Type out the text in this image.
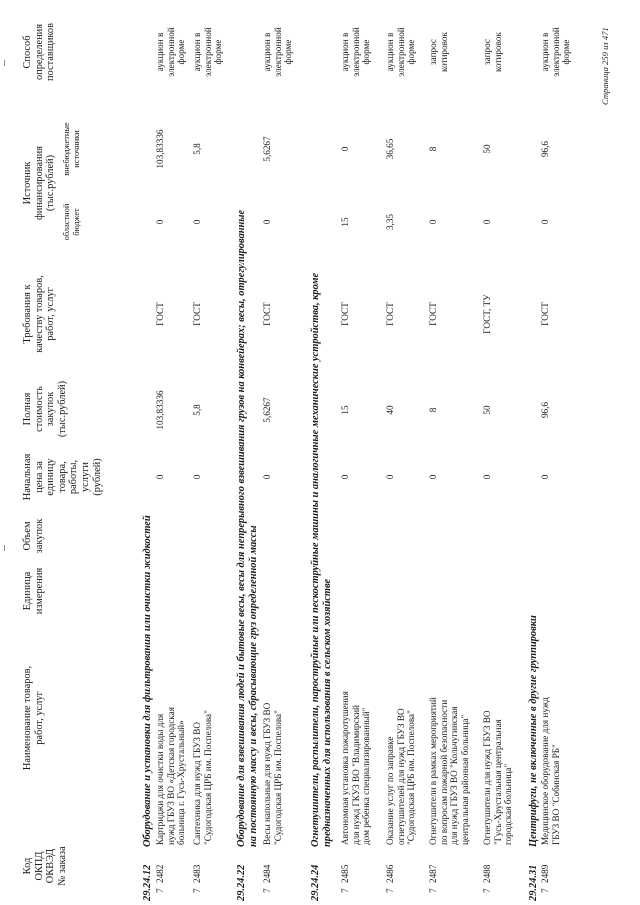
Код
ОКПД
ОКВЭД
№ заказа
Наименование товаров,
работ, услуг
Единица
измерения
Объем
закупок
Начальная
цена за
единицу
товара,
работы,
услуги
(рублей)
Полная
стоимость
закупок
(тыс.рублей)
Требования к
качеству товаров,
работ, услуг
Источник
финансирования
(тыс.рублей)
областной
бюджет
внебюджетные
источники
Способ
определения
поставщиков
29.24.12
Оборудование и установки для фильтрования или очистки жидкостей
7
2482
Картриджи для очистки воды для
нужд ГБУЗ ВО «Детская городская
больница г. Гусь-Хрустальный»
0
103,83336
ГОСТ
0
103,83336
аукцион в
электронной
форме
7
2483
Сантехника для нужд ГБУЗ ВО
"Судогодская ЦРБ им. Поспелова"
0
5,8
ГОСТ
0
5,8
аукцион в
электронной
форме
29.24.22
Оборудование для взвешивания людей и бытовые весы, весы для непрерывного взвешивания грузов на конвейерах; весы, отрегулированные
на постоянную массу и весы, сбрасывающие груз определенной массы
7
2484
Весы напольные для нужд ГБУЗ ВО
"Судогодская ЦРБ им. Поспелова"
0
5,6267
ГОСТ
0
5,6267
аукцион в
электронной
форме
29.24.24
Огнетушители, распылители, пароструйные или пескоструйные машины и аналогичные механические устройства, кроме
предназначенных для использования в сельском хозяйстве
7
2485
Автономная установка пожаротушения
для нужд ГКУЗ ВО "Владимирский
дом ребенка специализированный"
0
15
ГОСТ
15
0
аукцион в
электронной
форме
7
2486
Оказание услуг по заправке
огнетушителей для нужд ГБУЗ ВО
"Судогодская ЦРБ им. Поспелова"
0
40
ГОСТ
3,35
36,65
аукцион в
электронной
форме
7
2487
Огнетушители в рамках мероприятий
по вопросам пожарной безопасности
для нужд ГБУЗ ВО "Кольчугинская
центральная районная больница"
0
8
ГОСТ
0
8
запрос
котировок
7
2488
Огнетушители для нужд ГБУЗ ВО
"Гусь-Хрустальная центральная
городская больница"
0
50
ГОСТ, ТУ
0
50
запрос
котировок
29.24.31
Центрифуги, не включенные в другие группировки
7
2489
Медицинское оборудование для нужд
ГБУЗ ВО "Собинская РБ"
0
96,6
ГОСТ
0
96,6
аукцион в
электронной
форме	Страница 259 из 471
